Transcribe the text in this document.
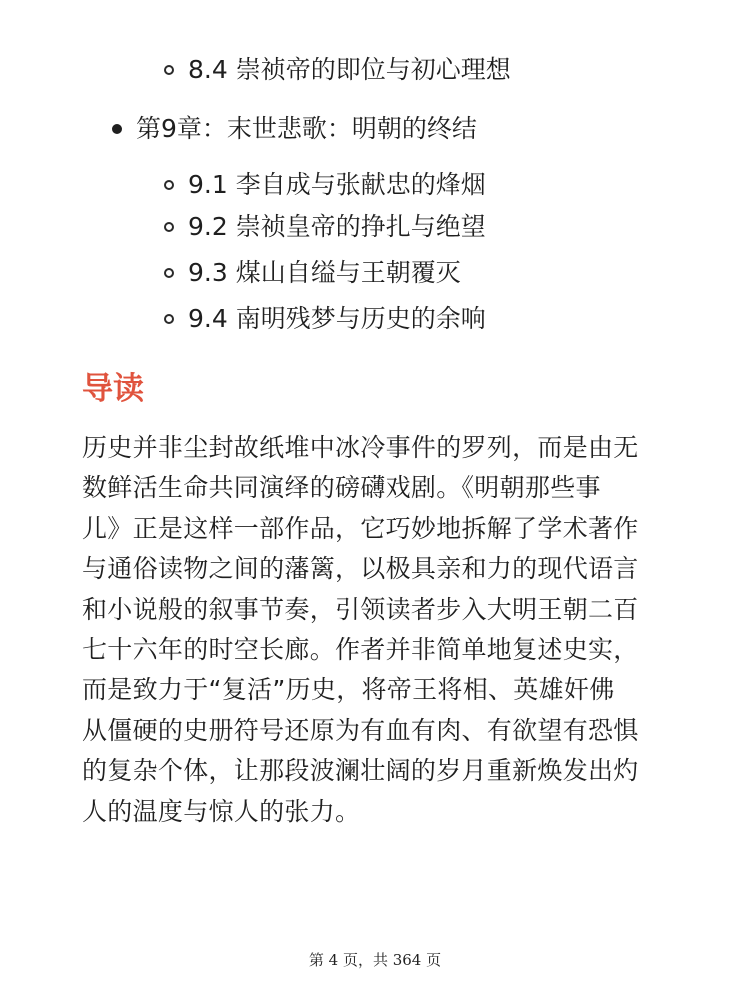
8.4 崇祯帝的即位与初心理想
第9章：末世悲歌：明朝的终结
9.1 李自成与张献忠的烽烟
9.2 崇祯皇帝的挣扎与绝望
9.3 煤山自缢与王朝覆灭
9.4 南明残梦与历史的余响
导读
历史并非尘封故纸堆中冰冷事件的罗列，而是由无
数鲜活生命共同演绎的磅礴戏剧。《明朝那些事
儿》正是这样一部作品，它巧妙地拆解了学术著作
与通俗读物之间的藩篱，以极具亲和力的现代语言
和小说般的叙事节奏，引领读者步入大明王朝二百
七十六年的时空长廊。作者并非简单地复述史实，
而是致力于“复活”历史，将帝王将相、英雄奸佛
从僵硬的史册符号还原为有血有肉、有欲望有恐惧
的复杂个体，让那段波澜壮阔的岁月重新焕发出灼
人的温度与惊人的张力。
第 4 页，共 364 页
